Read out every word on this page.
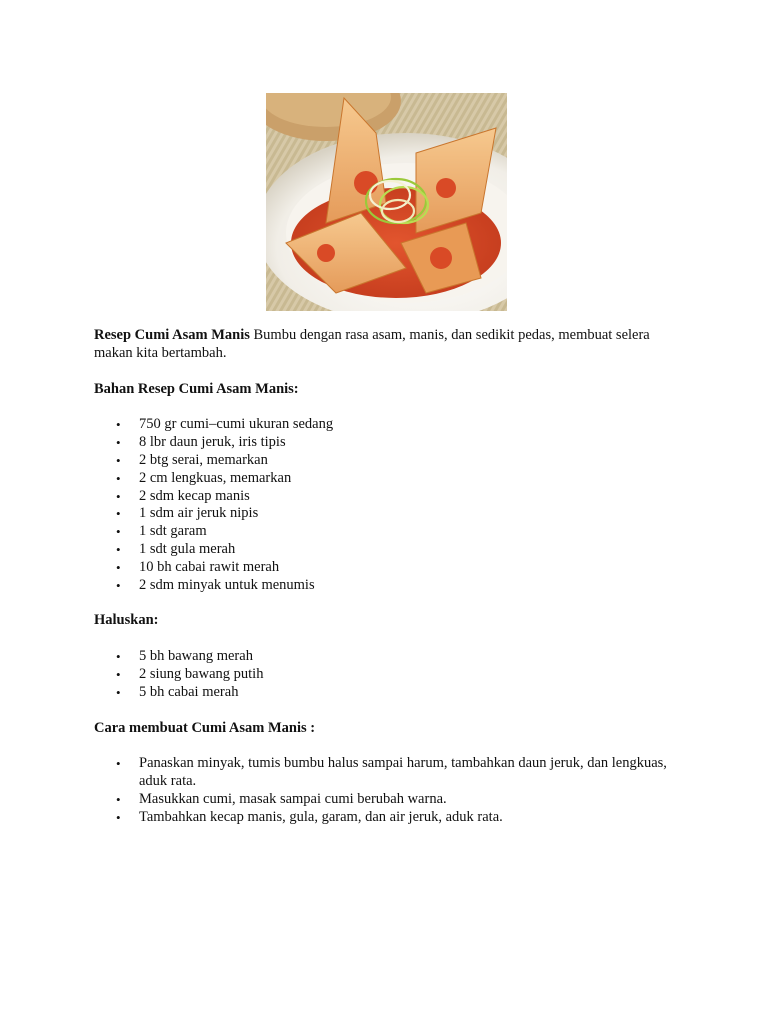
Resep Cumi Asam Manis Bumbu dengan rasa asam, manis, dan sedikit pedas, membuat selera makan kita bertambah.

Bahan Resep Cumi Asam Manis:
• 750 gr cumi–cumi ukuran sedang
• 8 lbr daun jeruk, iris tipis
• 2 btg serai, memarkan
• 2 cm lengkuas, memarkan
• 2 sdm kecap manis
• 1 sdm air jeruk nipis
• 1 sdt garam
• 1 sdt gula merah
• 10 bh cabai rawit merah
• 2 sdm minyak untuk menumis
Haluskan:
• 5 bh bawang merah
• 2 siung bawang putih
• 5 bh cabai merah
Cara membuat Cumi Asam Manis :
• Panaskan minyak, tumis bumbu halus sampai harum, tambahkan daun jeruk, dan lengkuas, aduk rata.
• Masukkan cumi, masak sampai cumi berubah warna.
• Tambahkan kecap manis, gula, garam, dan air jeruk, aduk rata.
